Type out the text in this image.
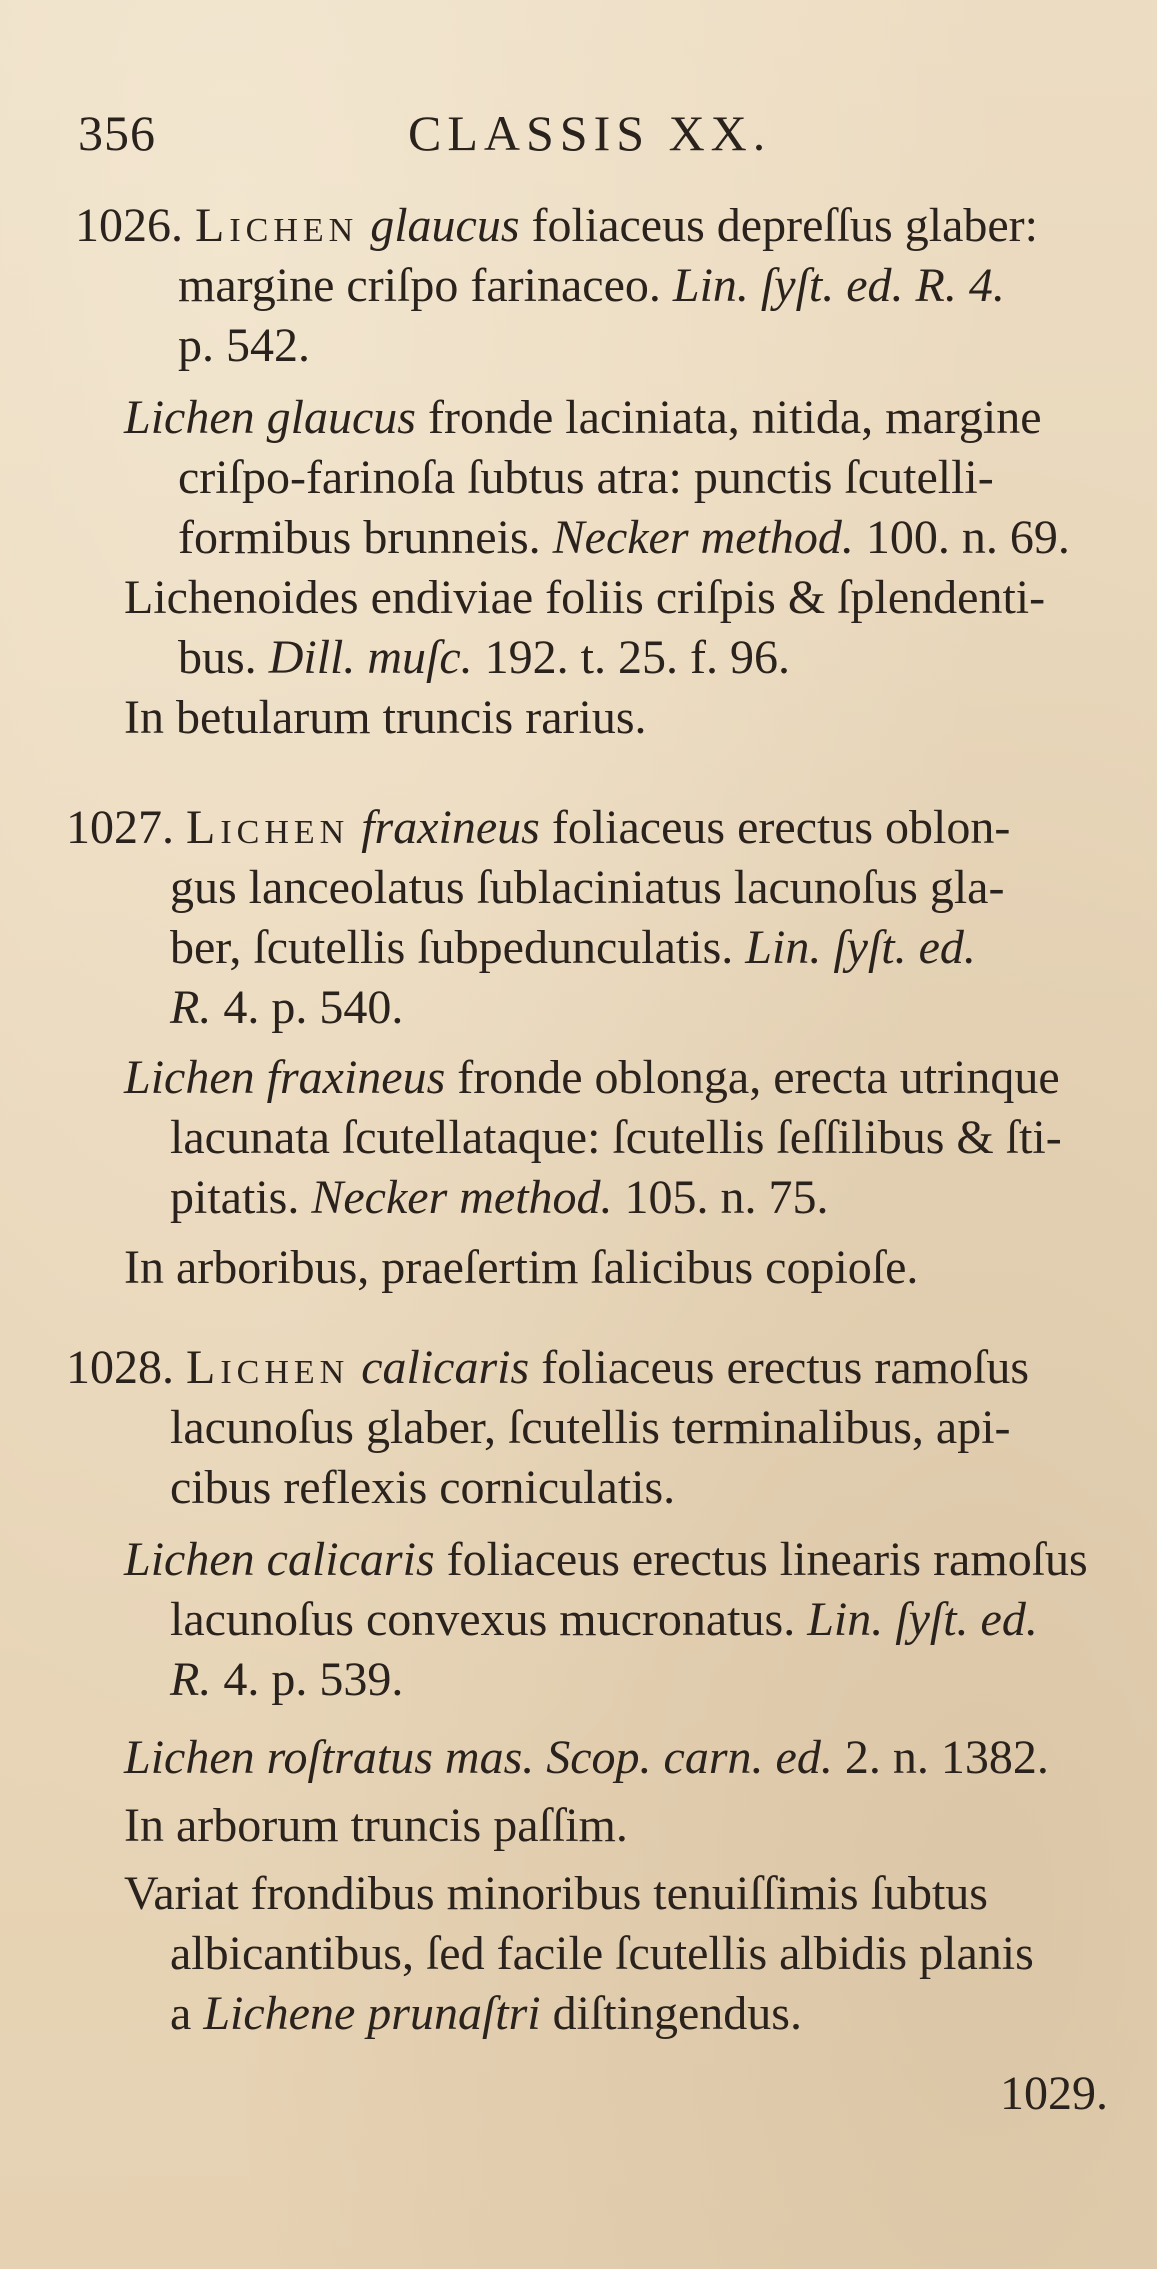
356	CLASSIS XX.
1026. Lichen glaucus foliaceus depreſſus glaber:
margine criſpo farinaceo. Lin. ſyſt. ed. R. 4.
p. 542.
Lichen glaucus fronde laciniata, nitida, margine
criſpo-farinoſa ſubtus atra: punctis ſcutelli-
formibus brunneis. Necker method. 100. n. 69.
Lichenoides endiviae foliis criſpis & ſplendenti-
bus. Dill. muſc. 192. t. 25. f. 96.
In betularum truncis rarius.
1027. Lichen fraxineus foliaceus erectus oblon-
gus lanceolatus ſublaciniatus lacunoſus gla-
ber, ſcutellis ſubpedunculatis. Lin. ſyſt. ed.
R. 4. p. 540.
Lichen fraxineus fronde oblonga, erecta utrinque
lacunata ſcutellataque: ſcutellis ſeſſilibus & ſti-
pitatis. Necker method. 105. n. 75.
In arboribus, praeſertim ſalicibus copioſe.
1028. Lichen calicaris foliaceus erectus ramoſus
lacunoſus glaber, ſcutellis terminalibus, api-
cibus reflexis corniculatis.
Lichen calicaris foliaceus erectus linearis ramoſus
lacunoſus convexus mucronatus. Lin. ſyſt. ed.
R. 4. p. 539.
Lichen roſtratus mas. Scop. carn. ed. 2. n. 1382.
In arborum truncis paſſim.
Variat frondibus minoribus tenuiſſimis ſubtus
albicantibus, ſed facile ſcutellis albidis planis
a Lichene prunaſtri diſtingendus.
1029.
